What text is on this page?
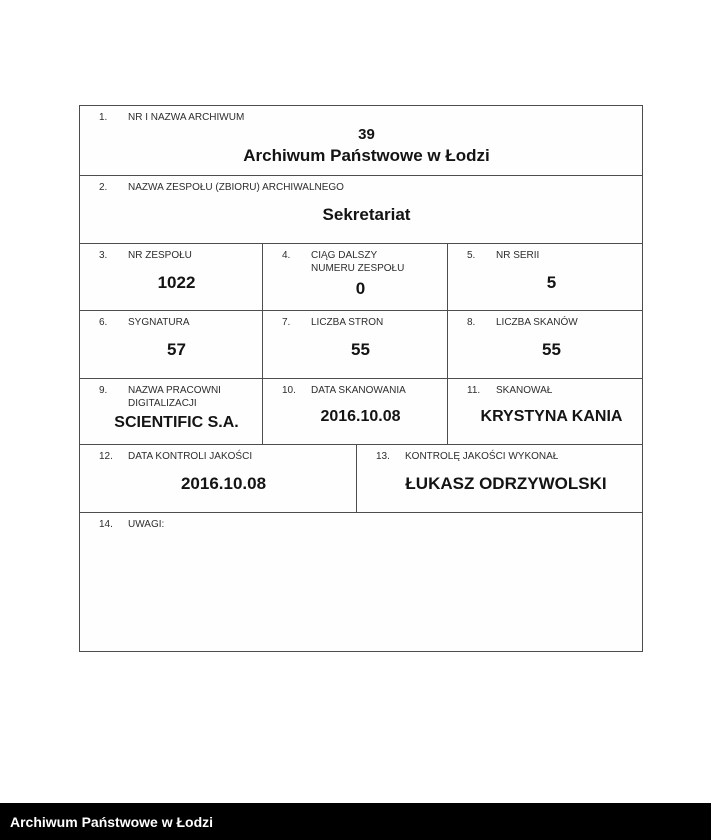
1.	NR I NAZWA ARCHIWUM
39
Archiwum Państwowe w Łodzi
2.	NAZWA ZESPOŁU (ZBIORU) ARCHIWALNEGO
Sekretariat
3.	NR ZESPOŁU
1022
4.	CIĄG DALSZY NUMERU ZESPOŁU
0
5.	NR SERII
5
6.	SYGNATURA
57
7.	LICZBA STRON
55
8.	LICZBA SKANÓW
55
9.	NAZWA PRACOWNI DIGITALIZACJI
SCIENTIFIC S.A.
10.	DATA SKANOWANIA
2016.10.08
11.	SKANOWAŁ
KRYSTYNA KANIA
12.	DATA KONTROLI JAKOŚCI
2016.10.08
13.	KONTROLĘ JAKOŚCI WYKONAŁ
ŁUKASZ ODRZYWOLSKI
14.	UWAGI:
Archiwum Państwowe w Łodzi
